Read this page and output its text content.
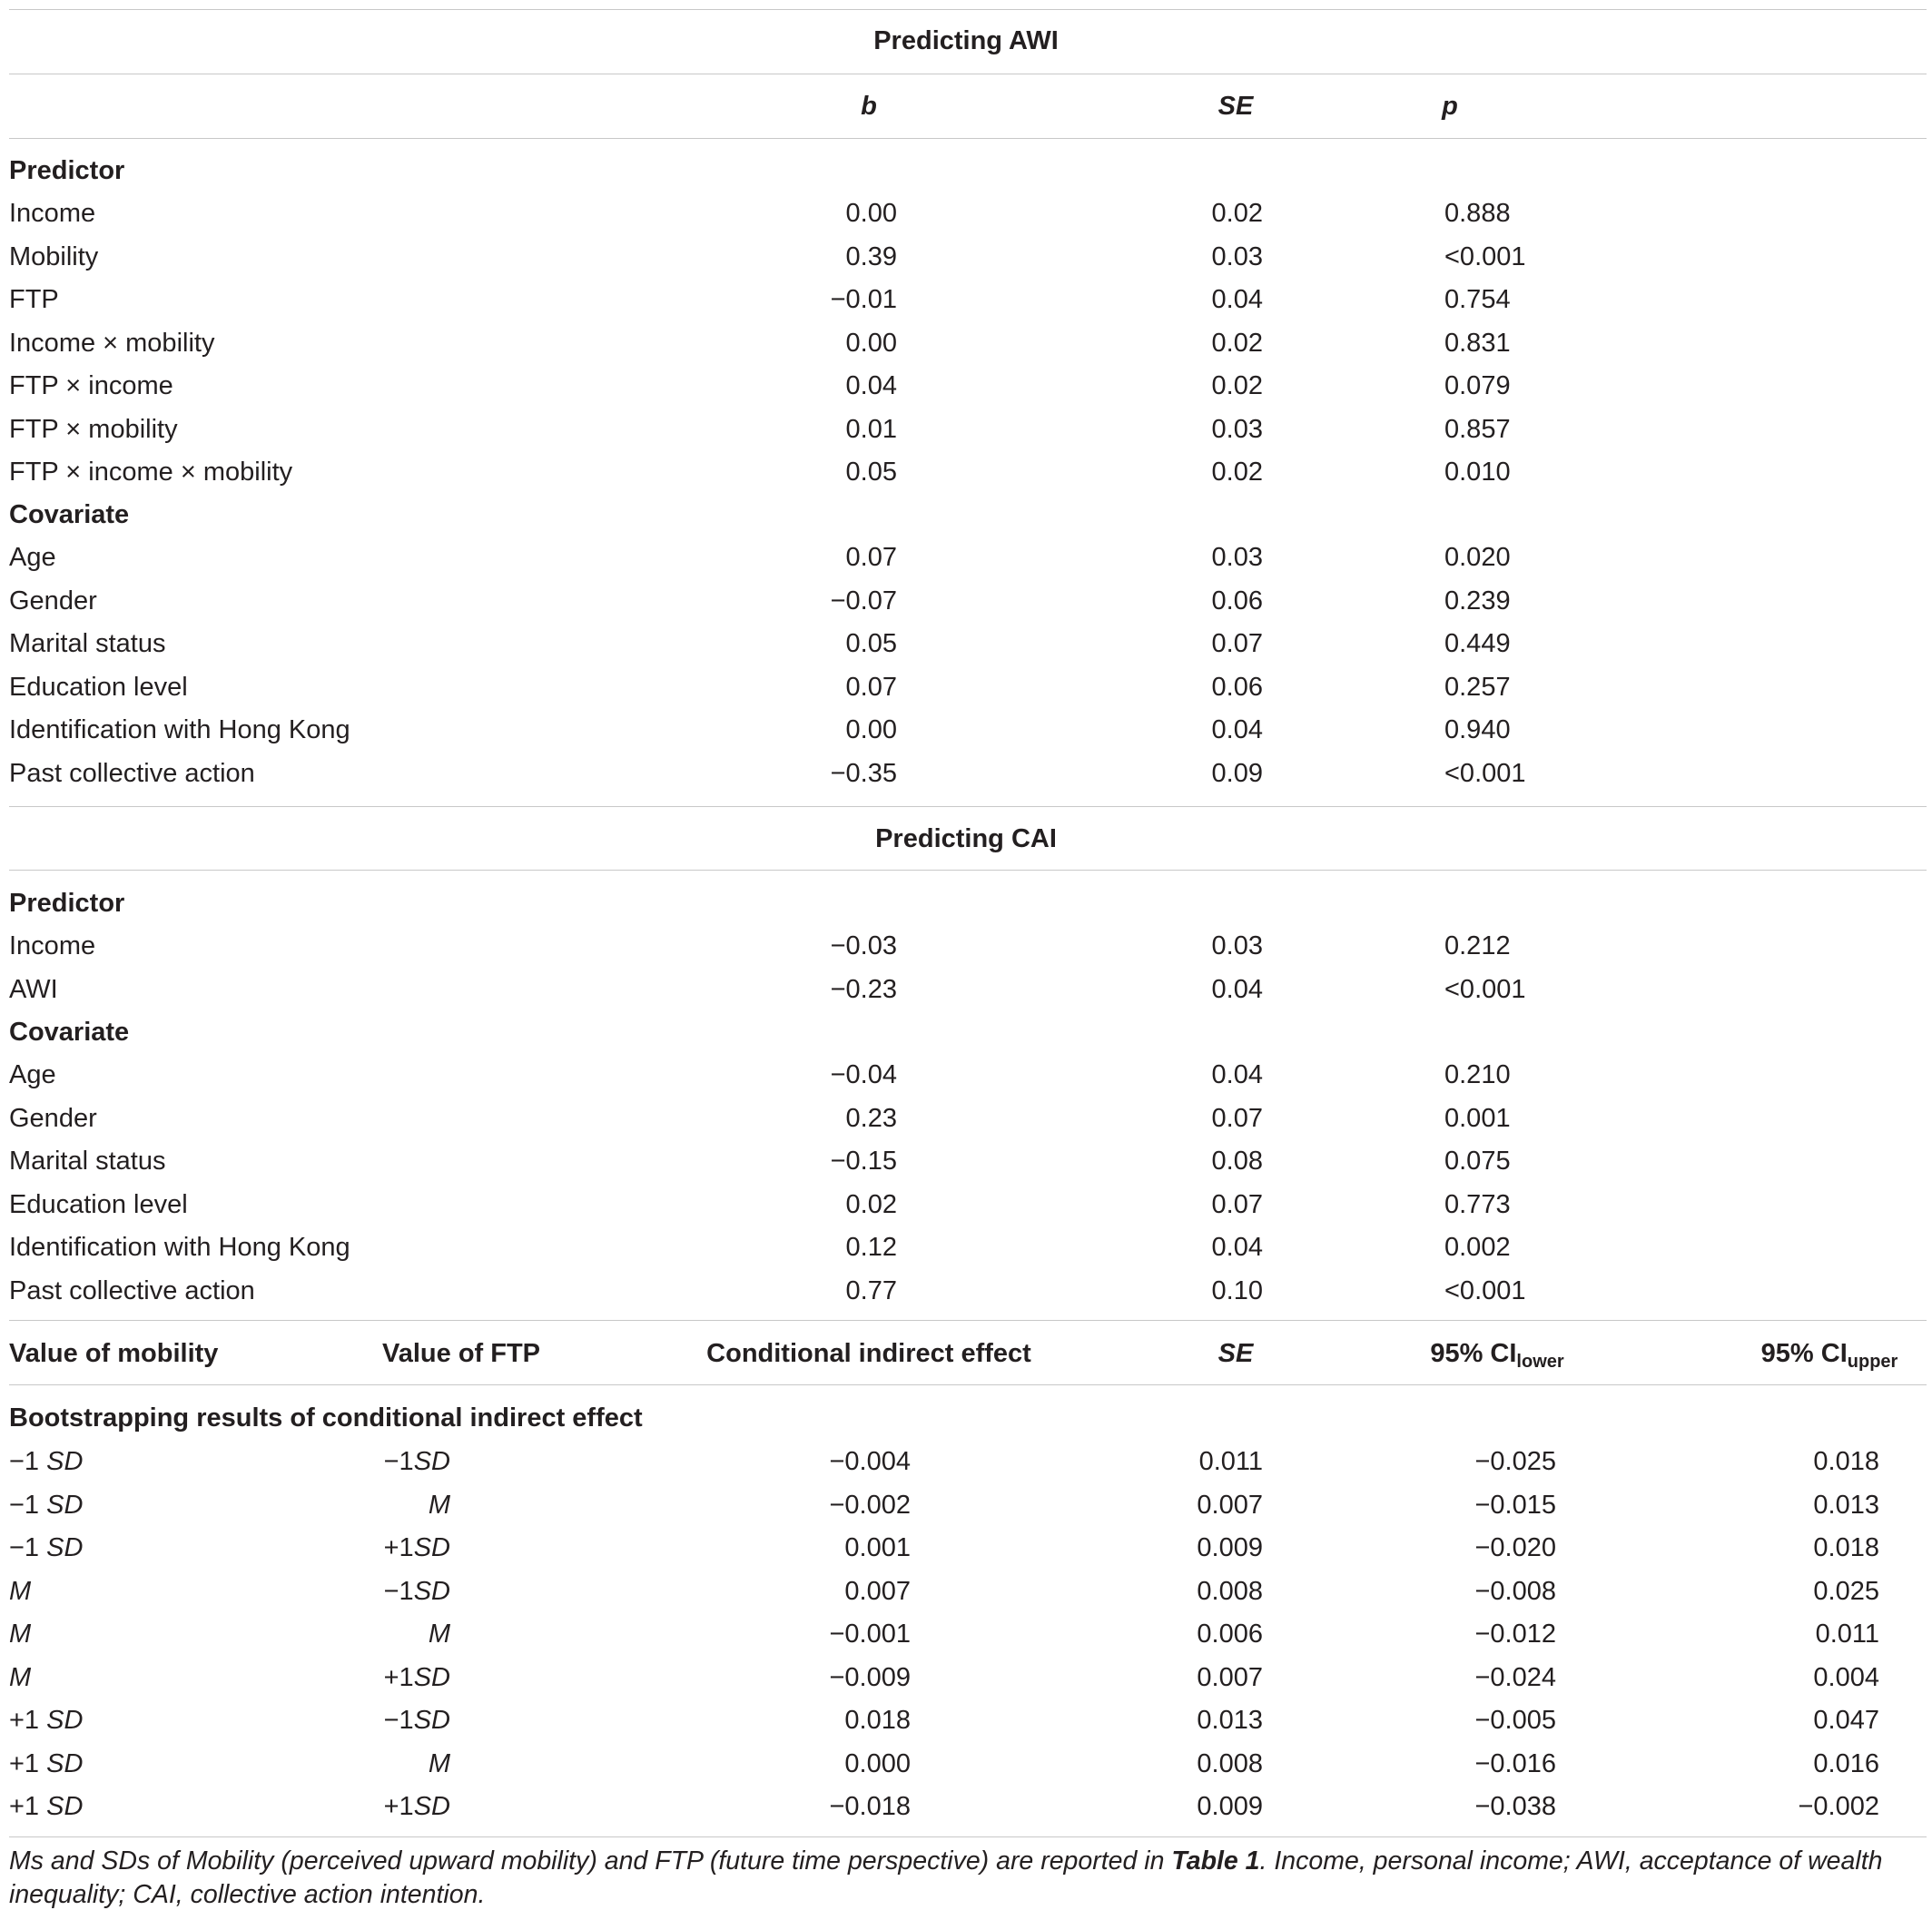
Predicting AWI
b	SE	p
Predictor
Income	0.00	0.02	0.888
Mobility	0.39	0.03	<0.001
FTP	−0.01	0.04	0.754
Income × mobility	0.00	0.02	0.831
FTP × income	0.04	0.02	0.079
FTP × mobility	0.01	0.03	0.857
FTP × income × mobility	0.05	0.02	0.010
Covariate
Age	0.07	0.03	0.020
Gender	−0.07	0.06	0.239
Marital status	0.05	0.07	0.449
Education level	0.07	0.06	0.257
Identification with Hong Kong	0.00	0.04	0.940
Past collective action	−0.35	0.09	<0.001
Predicting CAI
Predictor
Income	−0.03	0.03	0.212
AWI	−0.23	0.04	<0.001
Covariate
Age	−0.04	0.04	0.210
Gender	0.23	0.07	0.001
Marital status	−0.15	0.08	0.075
Education level	0.02	0.07	0.773
Identification with Hong Kong	0.12	0.04	0.002
Past collective action	0.77	0.10	<0.001
Value of mobility	Value of FTP	Conditional indirect effect	SE	95% $CI_{lower}$	95% $CI_{upper}$
Bootstrapping results of conditional indirect effect
−1 SD	−1SD	−0.004	0.011	−0.025	0.018
−1 SD	M	−0.002	0.007	−0.015	0.013
−1 SD	+1SD	0.001	0.009	−0.020	0.018
M	−1SD	0.007	0.008	−0.008	0.025
M	M	−0.001	0.006	−0.012	0.011
M	+1SD	−0.009	0.007	−0.024	0.004
+1 SD	−1SD	0.018	0.013	−0.005	0.047
+1 SD	M	0.000	0.008	−0.016	0.016
+1 SD	+1SD	−0.018	0.009	−0.038	−0.002
Ms and SDs of Mobility (perceived upward mobility) and FTP (future time perspective) are reported in Table 1. Income, personal income; AWI, acceptance of wealth inequality; CAI, collective action intention.
